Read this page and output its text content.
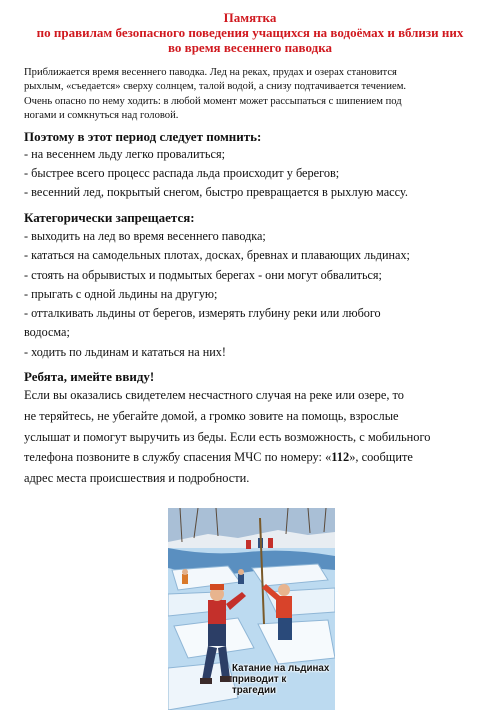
Памятка
по правилам безопасного поведения учащихся на водоёмах и вблизи них
во время весеннего паводка
Приближается время весеннего паводка. Лед на реках, прудах и озерах становится
рыхлым, «съедается» сверху солнцем, талой водой, а снизу подтачивается течением.
Очень опасно по нему ходить: в любой момент может рассыпаться с шипением под
ногами и сомкнуться над головой.
Поэтому в этот период следует помнить:
- на весеннем льду легко провалиться;
- быстрее всего процесс распада льда происходит у берегов;
- весенний лед, покрытый снегом, быстро превращается в рыхлую массу.
Категорически запрещается:
- выходить на лед во время весеннего паводка;
- кататься на самодельных плотах, досках, бревнах и плавающих льдинах;
- стоять на обрывистых и подмытых берегах - они могут обвалиться;
- прыгать с одной льдины на другую;
- отталкивать льдины от берегов, измерять глубину реки или любого
водосма;
- ходить по льдинам и кататься на них!
Ребята, имейте ввиду!
Если вы оказались свидетелем несчастного случая на реке или озере, то
не теряйтесь, не убегайте домой, а громко зовите на помощь, взрослые
услышат и помогут выручить из беды. Если есть возможность, с мобильного
телефона позвоните в службу спасения МЧС по номеру: «112», сообщите
адрес места происшествия и подробности.
Катание на льдинах
приводит к трагедии
